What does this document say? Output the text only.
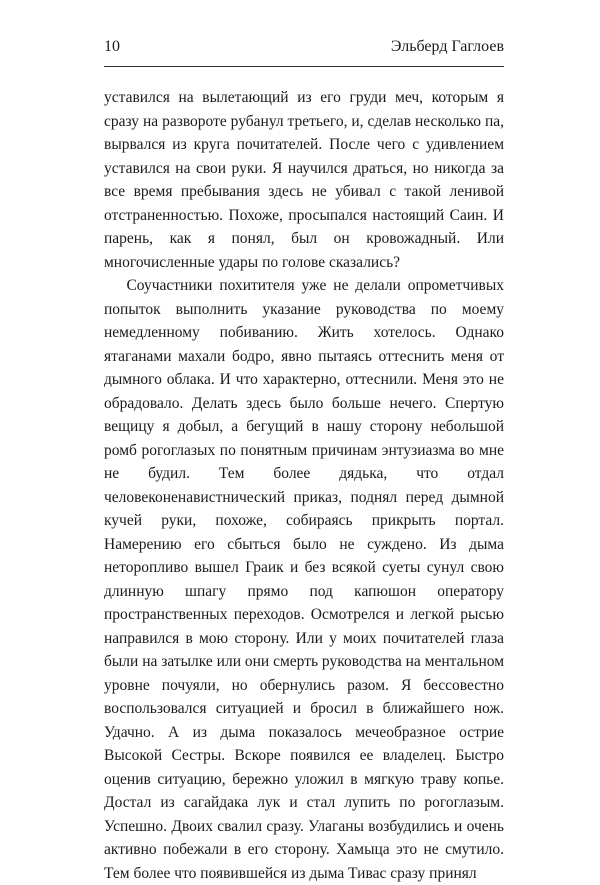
10	Эльберд Гаглоев

уставился на вылетающий из его груди меч, которым я сразу на развороте рубанул третьего, и, сделав несколько па, вырвался из круга почитателей. После чего с удивлением уставился на свои руки. Я научился драться, но никогда за все время пребывания здесь не убивал с такой ленивой отстраненностью. Похоже, просыпался настоящий Саин. И парень, как я понял, был он кровожадный. Или многочисленные удары по голове сказались?

Соучастники похитителя уже не делали опрометчивых попыток выполнить указание руководства по моему немедленному побиванию. Жить хотелось. Однако ятаганами махали бодро, явно пытаясь оттеснить меня от дымного облака. И что характерно, оттеснили. Меня это не обрадовало. Делать здесь было больше нечего. Спертую вещицу я добыл, а бегущий в нашу сторону небольшой ромб рогоглазых по понятным причинам энтузиазма во мне не будил. Тем более дядька, что отдал человеконенавистнический приказ, поднял перед дымной кучей руки, похоже, собираясь прикрыть портал. Намерению его сбыться было не суждено. Из дыма неторопливо вышел Граик и без всякой суеты сунул свою длинную шпагу прямо под капюшон оператору пространственных переходов. Осмотрелся и легкой рысью направился в мою сторону. Или у моих почитателей глаза были на затылке или они смерть руководства на ментальном уровне почуяли, но обернулись разом. Я бессовестно воспользовался ситуацией и бросил в ближайшего нож. Удачно. А из дыма показалось мечеобразное острие Высокой Сестры. Вскоре появился ее владелец. Быстро оценив ситуацию, бережно уложил в мягкую траву копье. Достал из сагайдака лук и стал лупить по рогоглазым. Успешно. Двоих свалил сразу. Улаганы возбудились и очень активно побежали в его сторону. Хамыца это не смутило. Тем более что появившейся из дыма Тивас сразу принял
